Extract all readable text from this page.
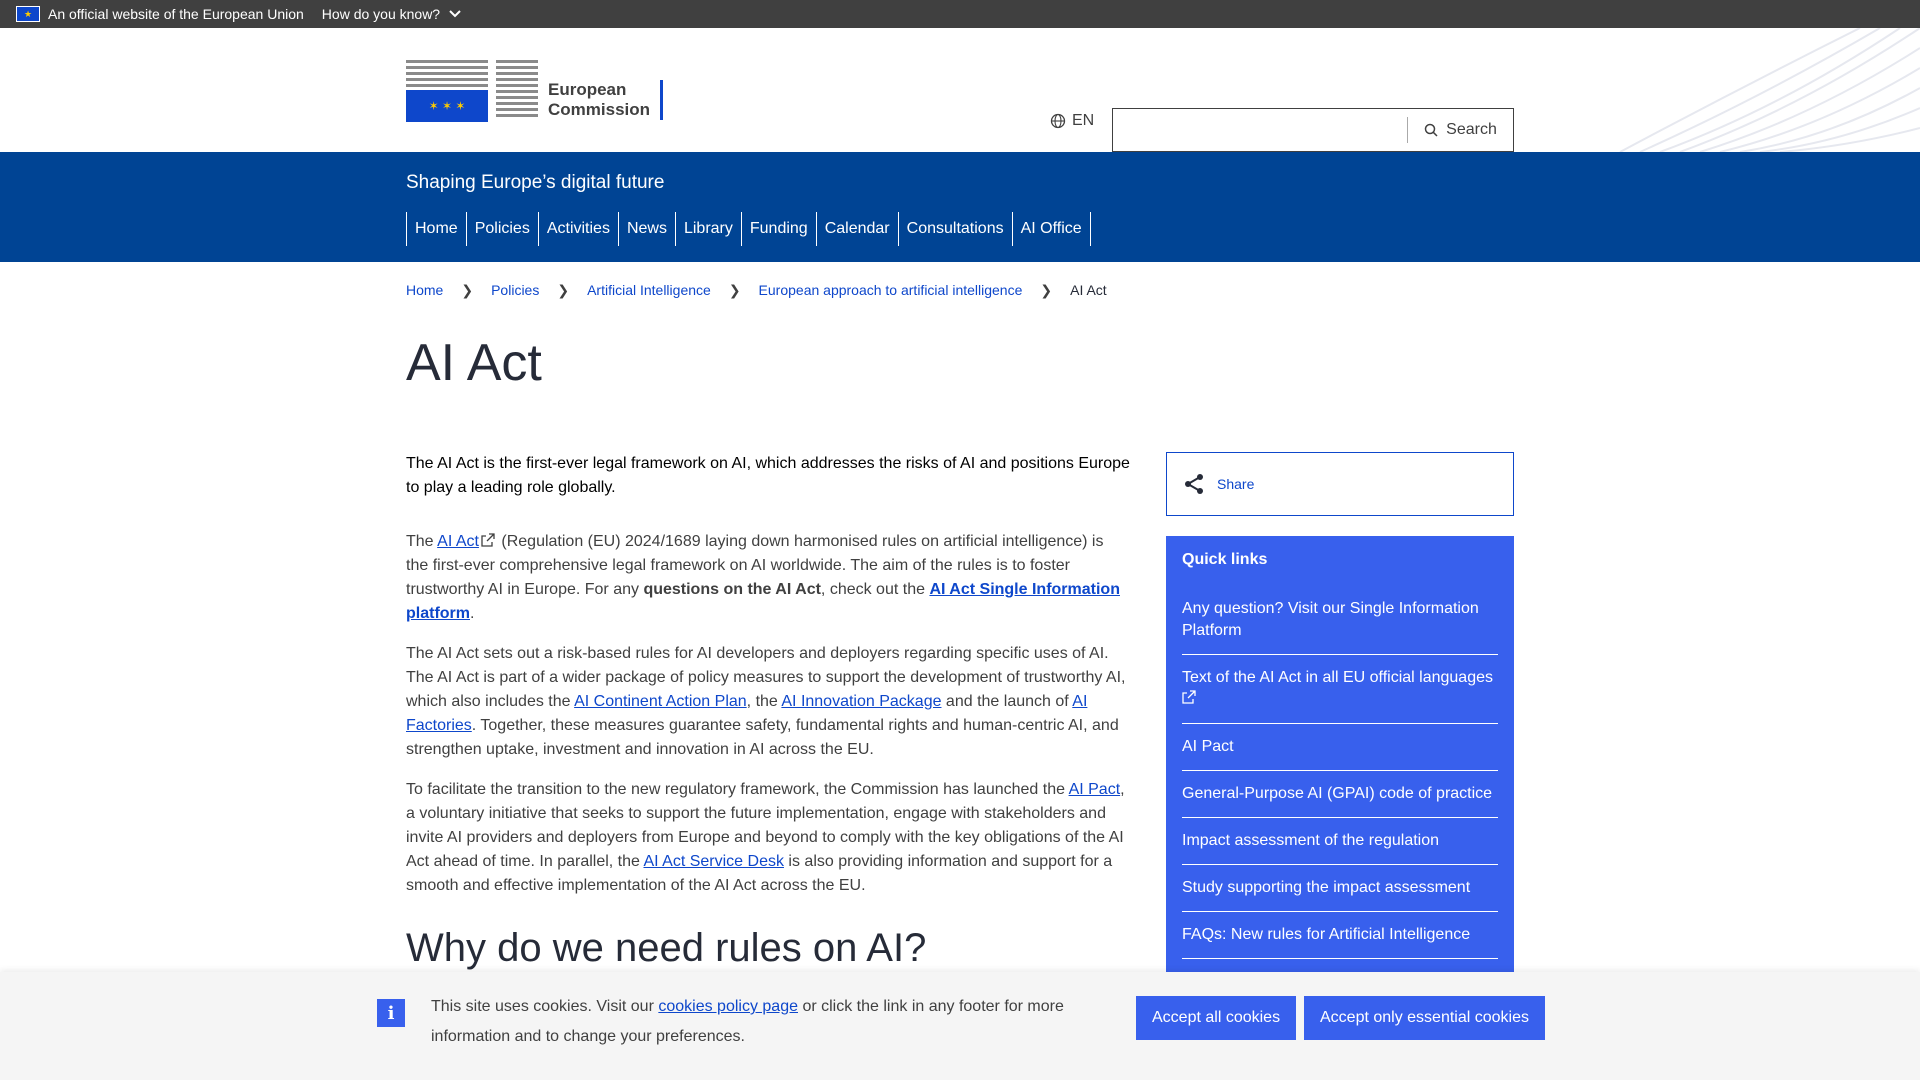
★ An official website of the European Union How do you know?
✶ ✶ ✶
European
Commission
EN
Search
Shaping Europe’s digital future
Home	Policies	Activities	News	Library	Funding	Calendar	Consultations	AI Office
Home ❯ Policies ❯ Artificial Intelligence ❯ European approach to artificial intelligence ❯ AI Act
AI Act

The AI Act is the first-ever legal framework on AI, which addresses the risks of AI and positions Europe to play a leading role globally.

The AI Act (Regulation (EU) 2024/1689 laying down harmonised rules on artificial intelligence) is the first-ever comprehensive legal framework on AI worldwide. The aim of the rules is to foster trustworthy AI in Europe. For any questions on the AI Act, check out the AI Act Single Information platform.

The AI Act sets out a risk-based rules for AI developers and deployers regarding specific uses of AI. The AI Act is part of a wider package of policy measures to support the development of trustworthy AI, which also includes the AI Continent Action Plan, the AI Innovation Package and the launch of AI Factories. Together, these measures guarantee safety, fundamental rights and human-centric AI, and strengthen uptake, investment and innovation in AI across the EU.

To facilitate the transition to the new regulatory framework, the Commission has launched the AI Pact, a voluntary initiative that seeks to support the future implementation, engage with stakeholders and invite AI providers and deployers from Europe and beyond to comply with the key obligations of the AI Act ahead of time. In parallel, the AI Act Service Desk is also providing information and support for a smooth and effective implementation of the AI Act across the EU.

Why do we need rules on AI?
Share
Quick links
Any question? Visit our Single Information Platform
Text of the AI Act in all EU official languages

AI Pact
General-Purpose AI (GPAI) code of practice
Impact assessment of the regulation
Study supporting the impact assessment
FAQs: New rules for Artificial Intelligence
i	This site uses cookies. Visit our cookies policy page or click the link in any footer for more information and to change your preferences.
Accept all cookies	Accept only essential cookies
